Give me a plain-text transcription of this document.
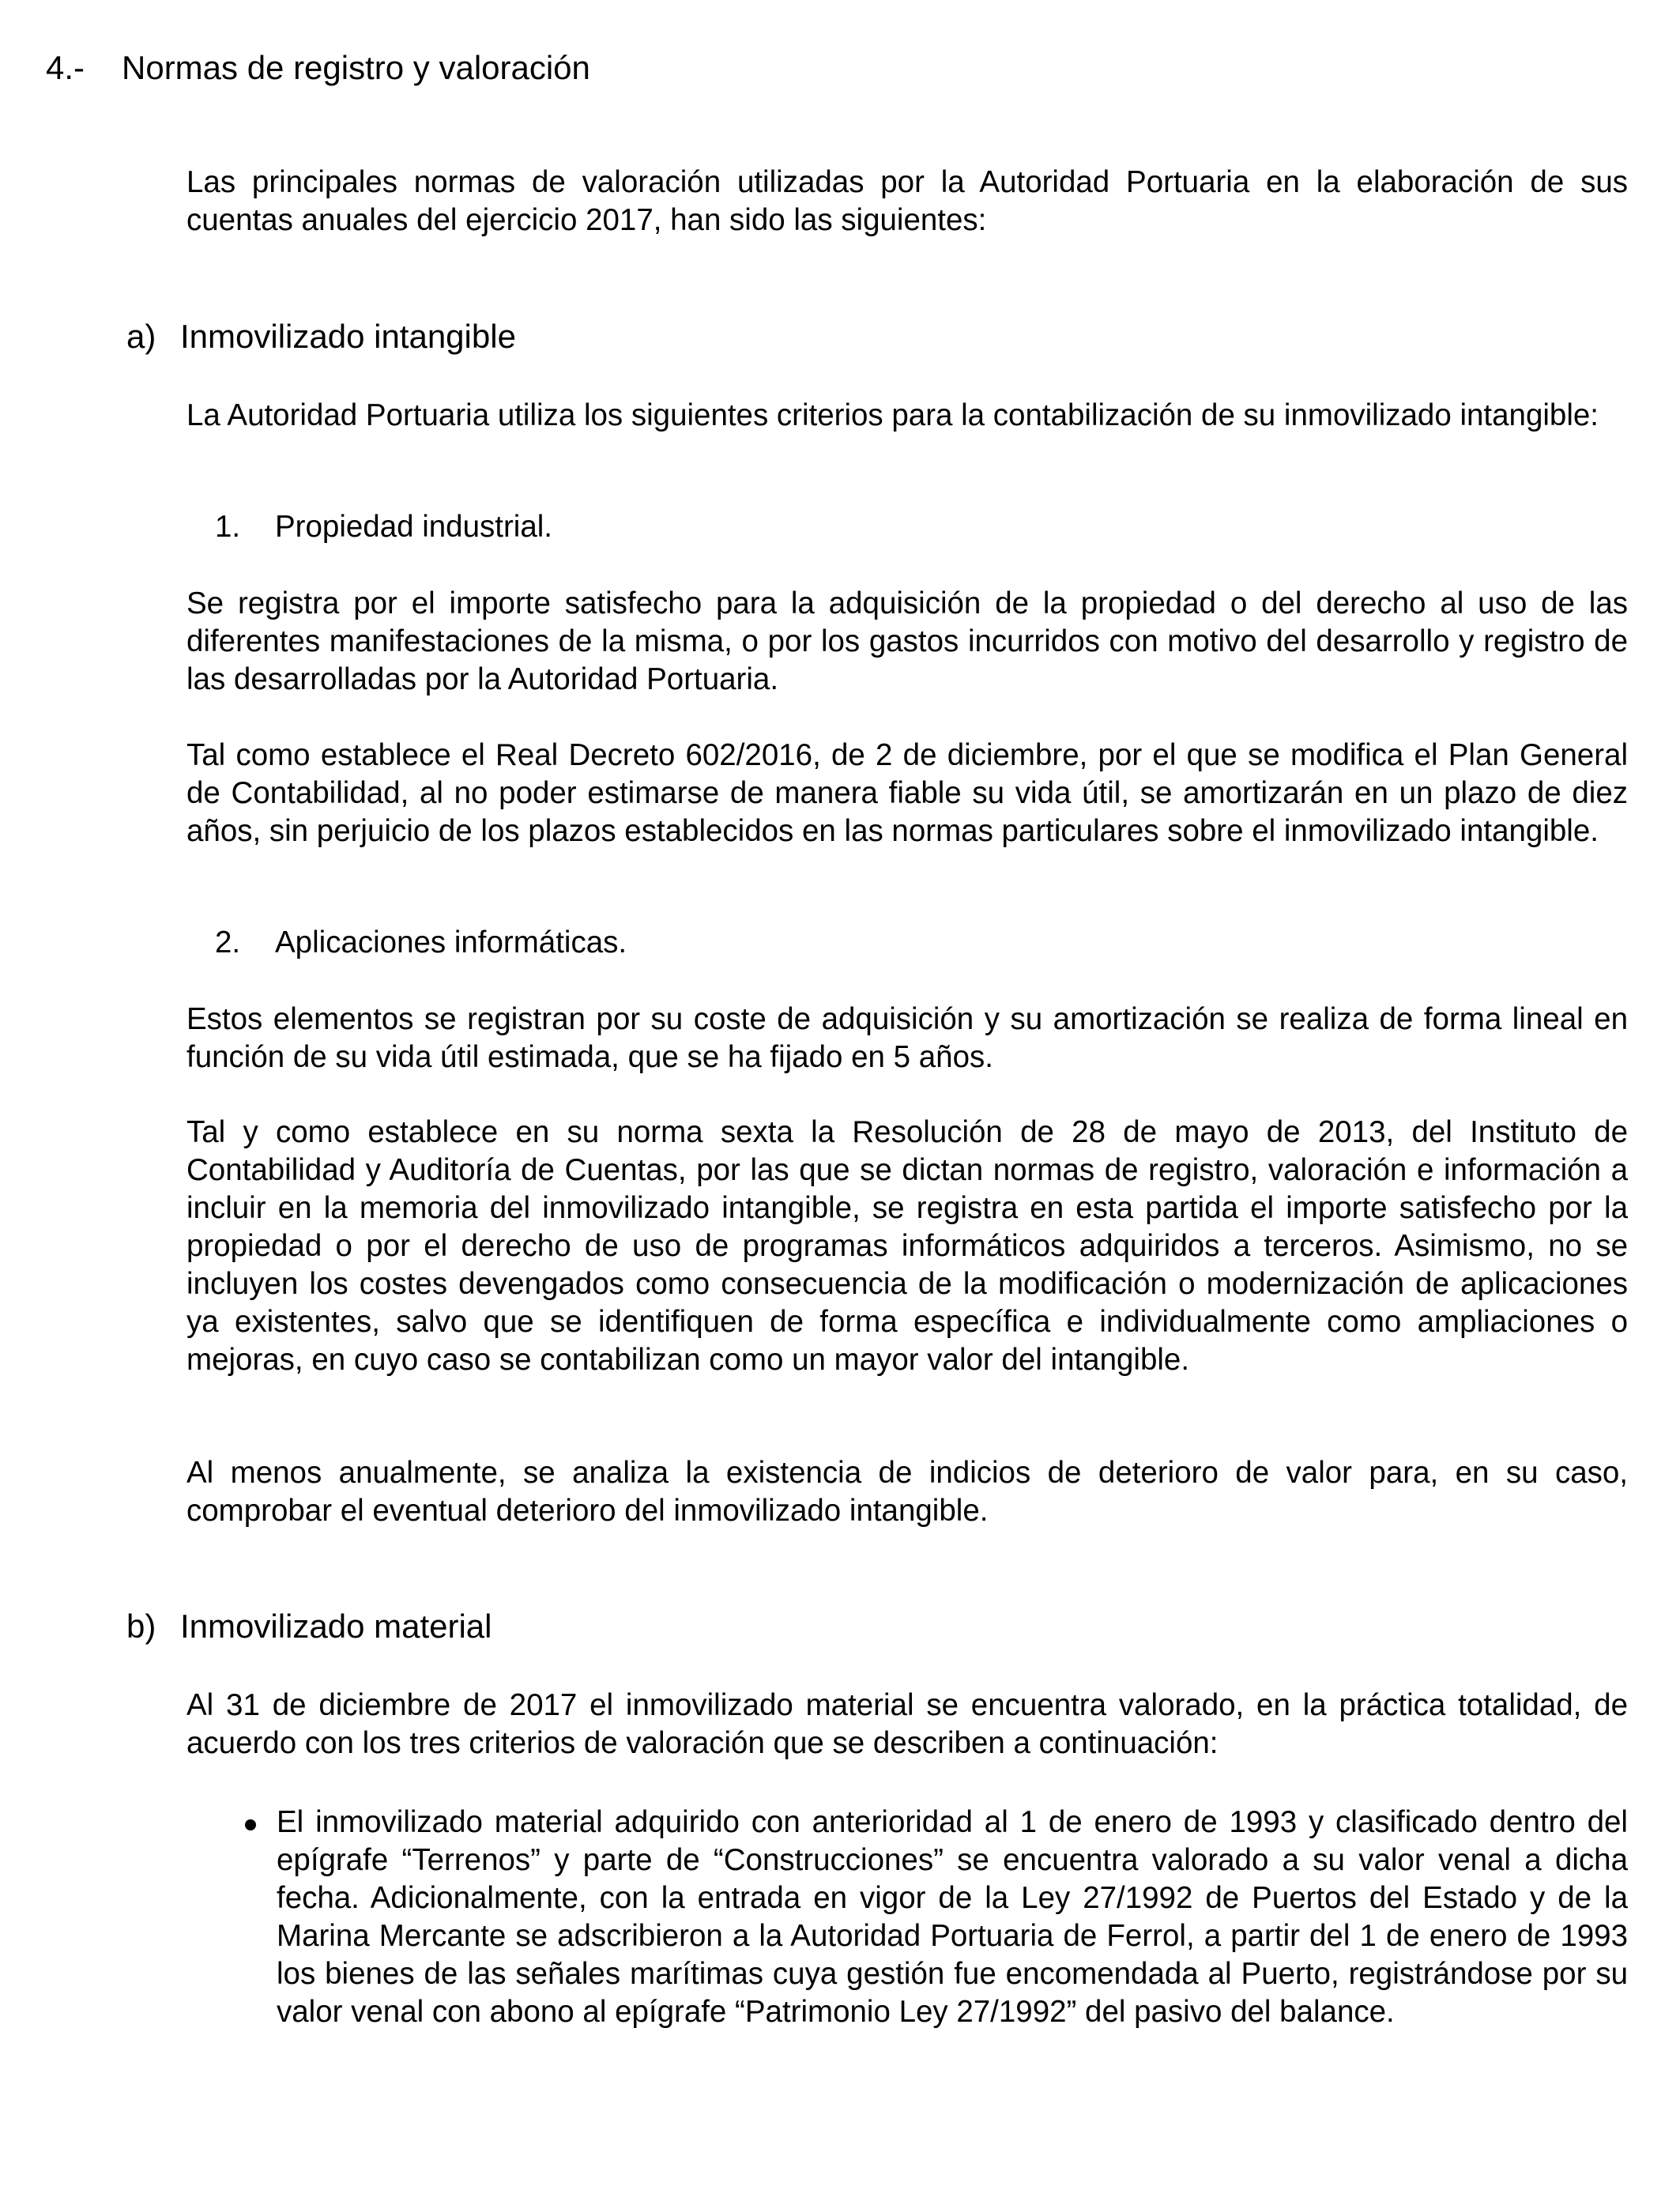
4.- Normas de registro y valoración

Las principales normas de valoración utilizadas por la Autoridad Portuaria en la elaboración de sus cuentas anuales del ejercicio 2017, han sido las siguientes:

a) Inmovilizado intangible

La Autoridad Portuaria utiliza los siguientes criterios para la contabilización de su inmovilizado intangible:

1. Propiedad industrial.

Se registra por el importe satisfecho para la adquisición de la propiedad o del derecho al uso de las diferentes manifestaciones de la misma, o por los gastos incurridos con motivo del desarrollo y registro de las desarrolladas por la Autoridad Portuaria.

Tal como establece el Real Decreto 602/2016, de 2 de diciembre, por el que se modifica el Plan General de Contabilidad, al no poder estimarse de manera fiable su vida útil, se amortizarán en un plazo de diez años, sin perjuicio de los plazos establecidos en las normas particulares sobre el inmovilizado intangible.

2. Aplicaciones informáticas.

Estos elementos se registran por su coste de adquisición y su amortización se realiza de forma lineal en función de su vida útil estimada, que se ha fijado en 5 años.

Tal y como establece en su norma sexta la Resolución de 28 de mayo de 2013, del Instituto de Contabilidad y Auditoría de Cuentas, por las que se dictan normas de registro, valoración e información a incluir en la memoria del inmovilizado intangible, se registra en esta partida el importe satisfecho por la propiedad o por el derecho de uso de programas informáticos adquiridos a terceros. Asimismo, no se incluyen los costes devengados como consecuencia de la modificación o modernización de aplicaciones ya existentes, salvo que se identifiquen de forma específica e individualmente como ampliaciones o mejoras, en cuyo caso se contabilizan como un mayor valor del intangible.

Al menos anualmente, se analiza la existencia de indicios de deterioro de valor para, en su caso, comprobar el eventual deterioro del inmovilizado intangible.

b) Inmovilizado material

Al 31 de diciembre de 2017 el inmovilizado material se encuentra valorado, en la práctica totalidad, de acuerdo con los tres criterios de valoración que se describen a continuación:

El inmovilizado material adquirido con anterioridad al 1 de enero de 1993 y clasificado dentro del epígrafe “Terrenos” y parte de “Construcciones” se encuentra valorado a su valor venal a dicha fecha. Adicionalmente, con la entrada en vigor de la Ley 27/1992 de Puertos del Estado y de la Marina Mercante se adscribieron a la Autoridad Portuaria de Ferrol, a partir del 1 de enero de 1993 los bienes de las señales marítimas cuya gestión fue encomendada al Puerto, registrándose por su valor venal con abono al epígrafe “Patrimonio Ley 27/1992” del pasivo del balance.
